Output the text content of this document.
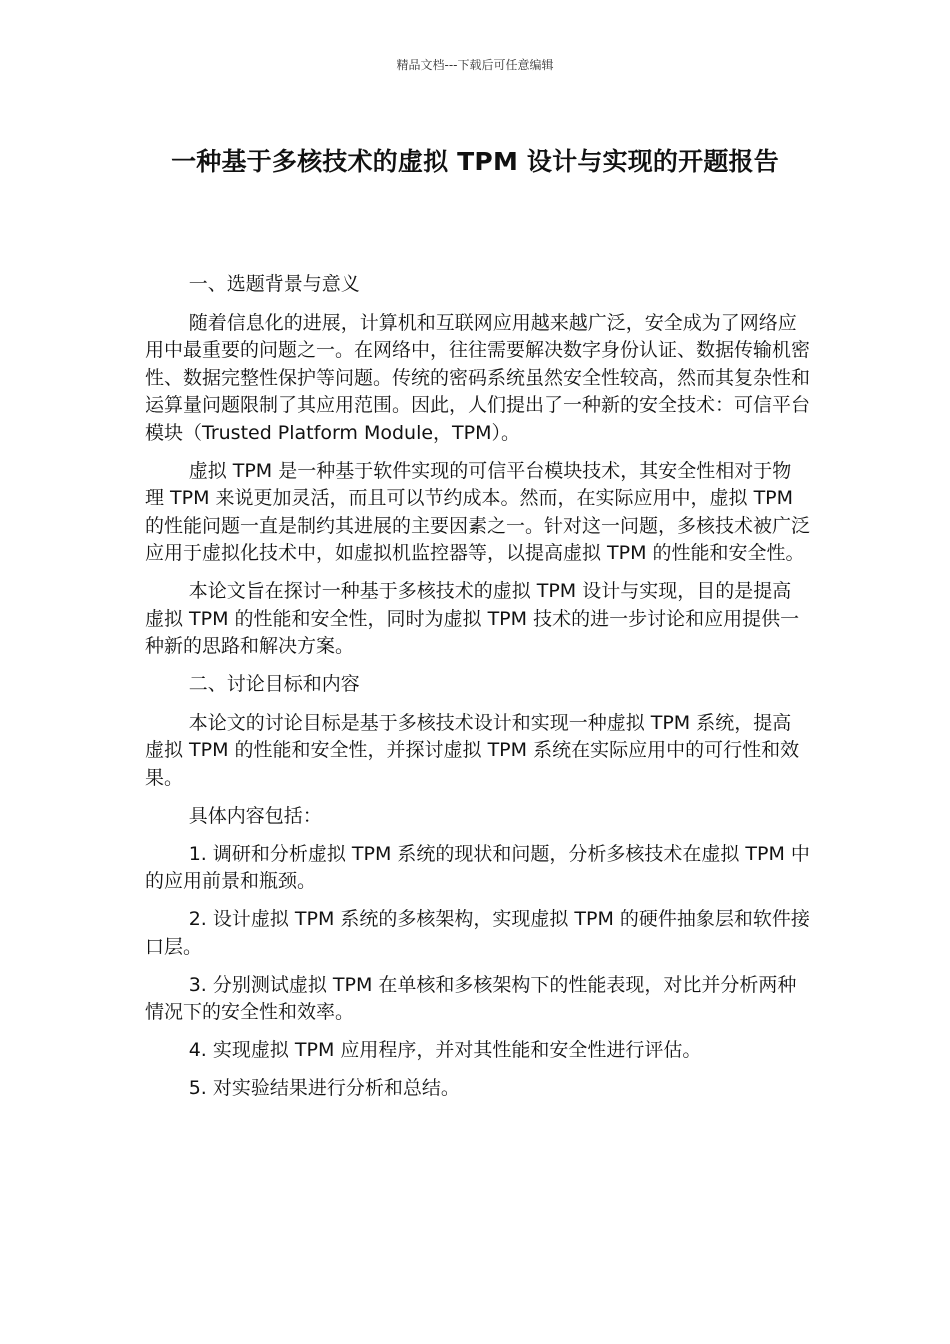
精品文档---下载后可任意编辑
一种基于多核技术的虚拟 TPM 设计与实现的开题报告

一、选题背景与意义

随着信息化的进展，计算机和互联网应用越来越广泛，安全成为了网络应用中最重要的问题之一。在网络中，往往需要解决数字身份认证、数据传输机密性、数据完整性保护等问题。传统的密码系统虽然安全性较高，然而其复杂性和运算量问题限制了其应用范围。因此，人们提出了一种新的安全技术：可信平台模块（Trusted Platform Module，TPM）。

虚拟 TPM 是一种基于软件实现的可信平台模块技术，其安全性相对于物理 TPM 来说更加灵活，而且可以节约成本。然而，在实际应用中，虚拟 TPM 的性能问题一直是制约其进展的主要因素之一。针对这一问题，多核技术被广泛应用于虚拟化技术中，如虚拟机监控器等，以提高虚拟 TPM 的性能和安全性。

本论文旨在探讨一种基于多核技术的虚拟 TPM 设计与实现，目的是提高虚拟 TPM 的性能和安全性，同时为虚拟 TPM 技术的进一步讨论和应用提供一种新的思路和解决方案。

二、讨论目标和内容

本论文的讨论目标是基于多核技术设计和实现一种虚拟 TPM 系统，提高虚拟 TPM 的性能和安全性，并探讨虚拟 TPM 系统在实际应用中的可行性和效果。

具体内容包括：

1. 调研和分析虚拟 TPM 系统的现状和问题，分析多核技术在虚拟 TPM 中的应用前景和瓶颈。

2. 设计虚拟 TPM 系统的多核架构，实现虚拟 TPM 的硬件抽象层和软件接口层。

3. 分别测试虚拟 TPM 在单核和多核架构下的性能表现，对比并分析两种情况下的安全性和效率。

4. 实现虚拟 TPM 应用程序，并对其性能和安全性进行评估。

5. 对实验结果进行分析和总结。
